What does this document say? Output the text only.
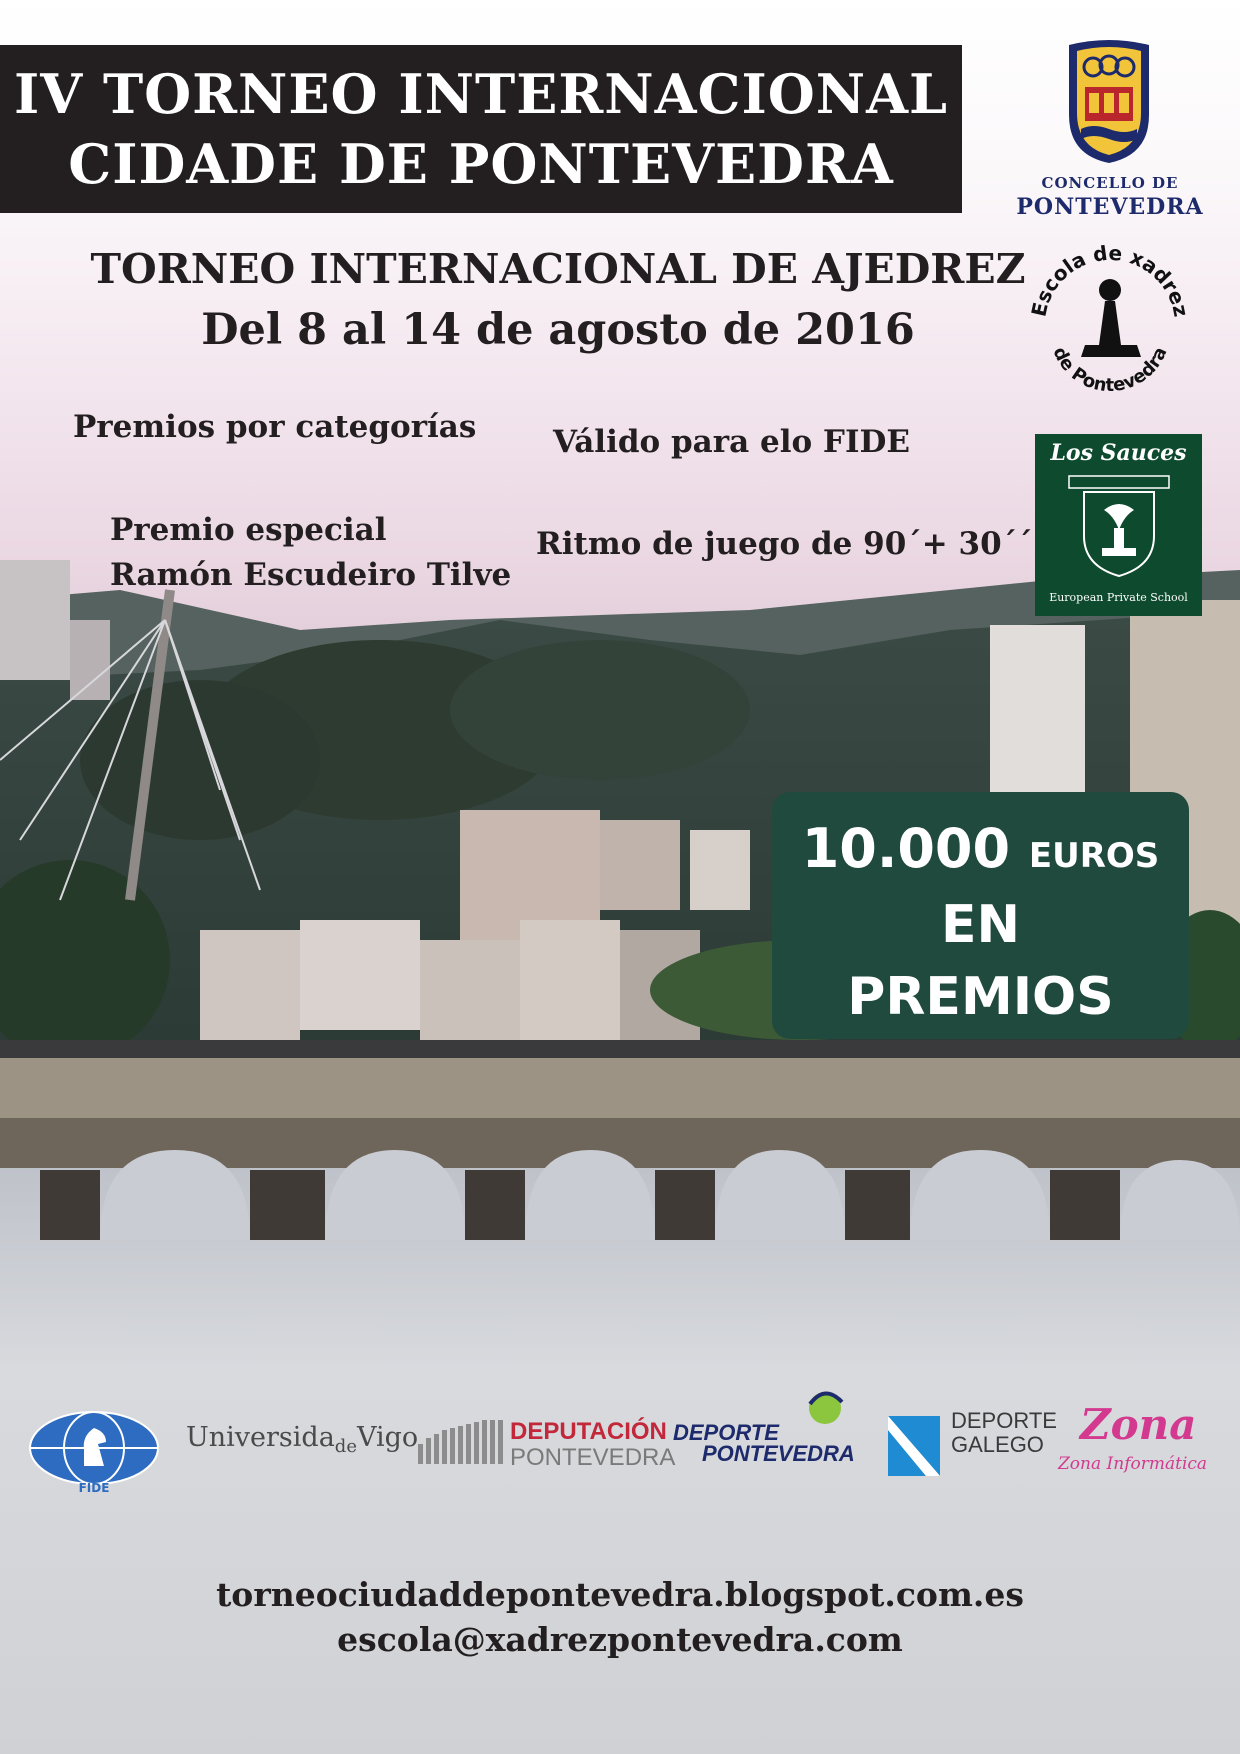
IV TORNEO INTERNACIONAL
CIDADE DE PONTEVEDRA	CONCELLO DE
PONTEVEDRA
Escola de xadrez
de Pontevedra
Los Sauces
European Private School
TORNEO INTERNACIONAL DE AJEDREZ
Del 8 al 14 de agosto de 2016
Premios por categorías Válido para elo FIDE
Premio especial
Ramón Escudeiro Tilve
Ritmo de juego de 90´+ 30´´
10.000 EUROS
EN
PREMIOS
FIDE
Universida$_{de}$Vigo	DEPUTACIÓN
PONTEVEDRA
DEPORTE
PONTEVEDRA
DEPORTE
GALEGO Zona
Zona Informática
torneociudaddepontevedra.blogspot.com.es
escola@xadrezpontevedra.com
